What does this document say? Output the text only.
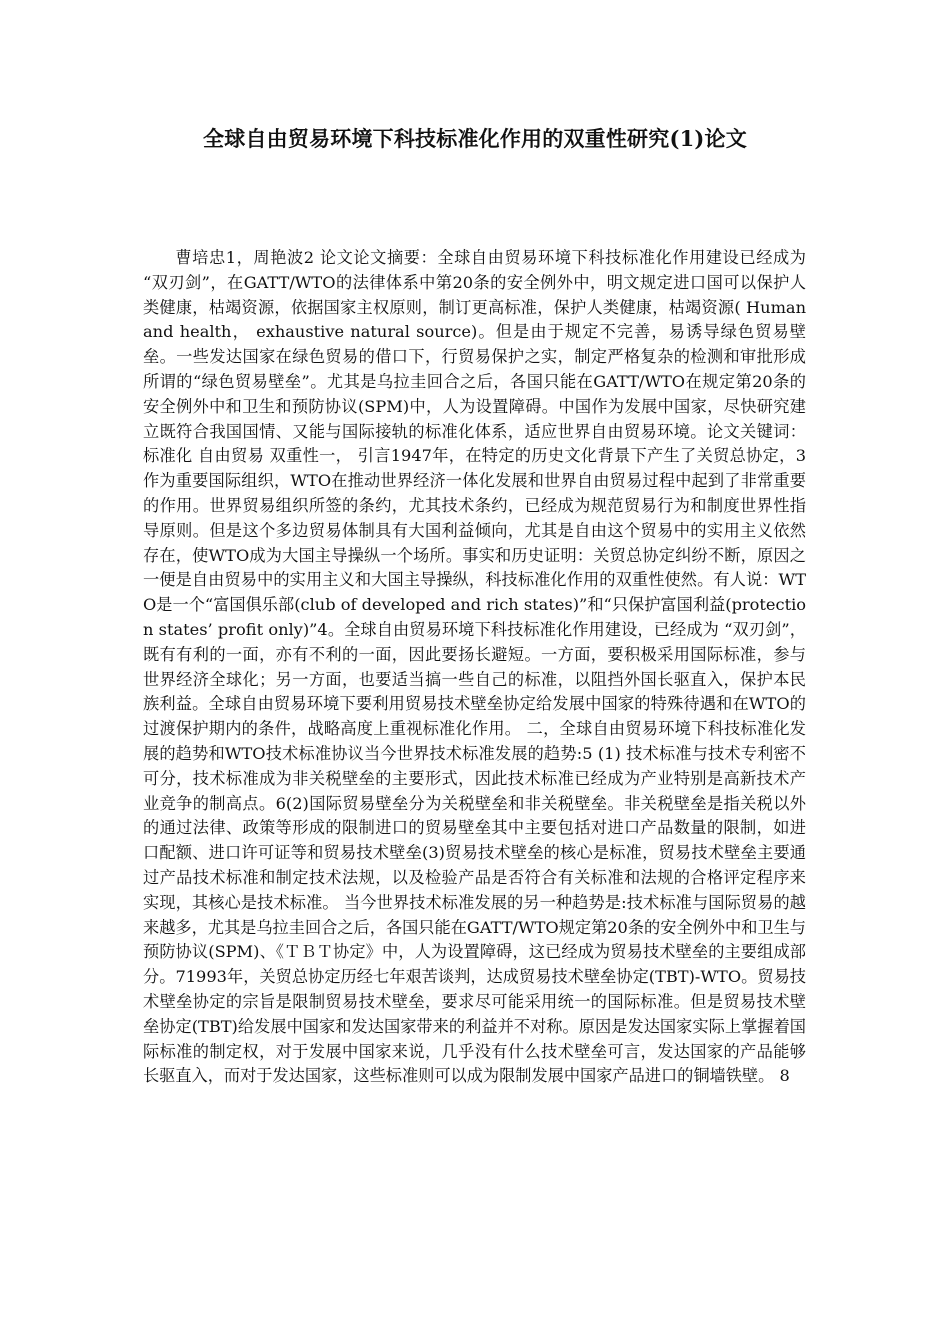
全球自由贸易环境下科技标准化作用的双重性研究(1)论文

曹培忠1，周艳波2 论文论文摘要：全球自由贸易环境下科技标准化作用建设已经成为 “双刃剑”，在GATT/WTO的法律体系中第20条的安全例外中，明文规定进口国可以保护人类健康，枯竭资源，依据国家主权原则，制订更高标准，保护人类健康，枯竭资源( Human and health， exhaustive natural source)。但是由于规定不完善，易诱导绿色贸易壁垒。一些发达国家在绿色贸易的借口下，行贸易保护之实，制定严格复杂的检测和审批形成所谓的“绿色贸易壁垒”。尤其是乌拉圭回合之后，各国只能在GATT/WTO在规定第20条的安全例外中和卫生和预防协议(SPM)中，人为设置障碍。中国作为发展中国家，尽快研究建立既符合我国国情、又能与国际接轨的标准化体系，适应世界自由贸易环境。论文关键词：标准化 自由贸易 双重性一， 引言1947年，在特定的历史文化背景下产生了关贸总协定，3作为重要国际组织，WTO在推动世界经济一体化发展和世界自由贸易过程中起到了非常重要的作用。世界贸易组织所签的条约，尤其技术条约，已经成为规范贸易行为和制度世界性指导原则。但是这个多边贸易体制具有大国利益倾向，尤其是自由这个贸易中的实用主义依然存在，使WTO成为大国主导操纵一个场所。事实和历史证明：关贸总协定纠纷不断，原因之一便是自由贸易中的实用主义和大国主导操纵，科技标准化作用的双重性使然。有人说：WTO是一个“富国俱乐部(club of developed and rich states)”和“只保护富国利益(protection states’ profit only)”4。全球自由贸易环境下科技标准化作用建设，已经成为 “双刃剑”，既有有利的一面，亦有不利的一面，因此要扬长避短。一方面，要积极采用国际标准，参与世界经济全球化；另一方面，也要适当搞一些自己的标准，以阻挡外国长驱直入，保护本民族利益。全球自由贸易环境下要利用贸易技术壁垒协定给发展中国家的特殊待遇和在WTO的过渡保护期内的条件，战略高度上重视标准化作用。 二，全球自由贸易环境下科技标准化发展的趋势和WTO技术标准协议当今世界技术标准发展的趋势:5 (1) 技术标准与技术专利密不可分，技术标准成为非关税壁垒的主要形式，因此技术标准已经成为产业特别是高新技术产业竞争的制高点。6(2)国际贸易壁垒分为关税壁垒和非关税壁垒。非关税壁垒是指关税以外的通过法律、政策等形成的限制进口的贸易壁垒其中主要包括对进口产品数量的限制，如进口配额、进口许可证等和贸易技术壁垒(3)贸易技术壁垒的核心是标准，贸易技术壁垒主要通过产品技术标准和制定技术法规，以及检验产品是否符合有关标准和法规的合格评定程序来实现，其核心是技术标准。 当今世界技术标准发展的另一种趋势是:技术标准与国际贸易的越来越多，尤其是乌拉圭回合之后，各国只能在GATT/WTO规定第20条的安全例外中和卫生与预防协议(SPM)、《ＴＢＴ协定》中，人为设置障碍，这已经成为贸易技术壁垒的主要组成部分。71993年，关贸总协定历经七年艰苦谈判，达成贸易技术壁垒协定(TBT)-WTO。贸易技术壁垒协定的宗旨是限制贸易技术壁垒，要求尽可能采用统一的国际标准。但是贸易技术壁垒协定(TBT)给发展中国家和发达国家带来的利益并不对称。原因是发达国家实际上掌握着国际标准的制定权，对于发展中国家来说，几乎没有什么技术壁垒可言，发达国家的产品能够长驱直入，而对于发达国家，这些标准则可以成为限制发展中国家产品进口的铜墙铁壁。 8
